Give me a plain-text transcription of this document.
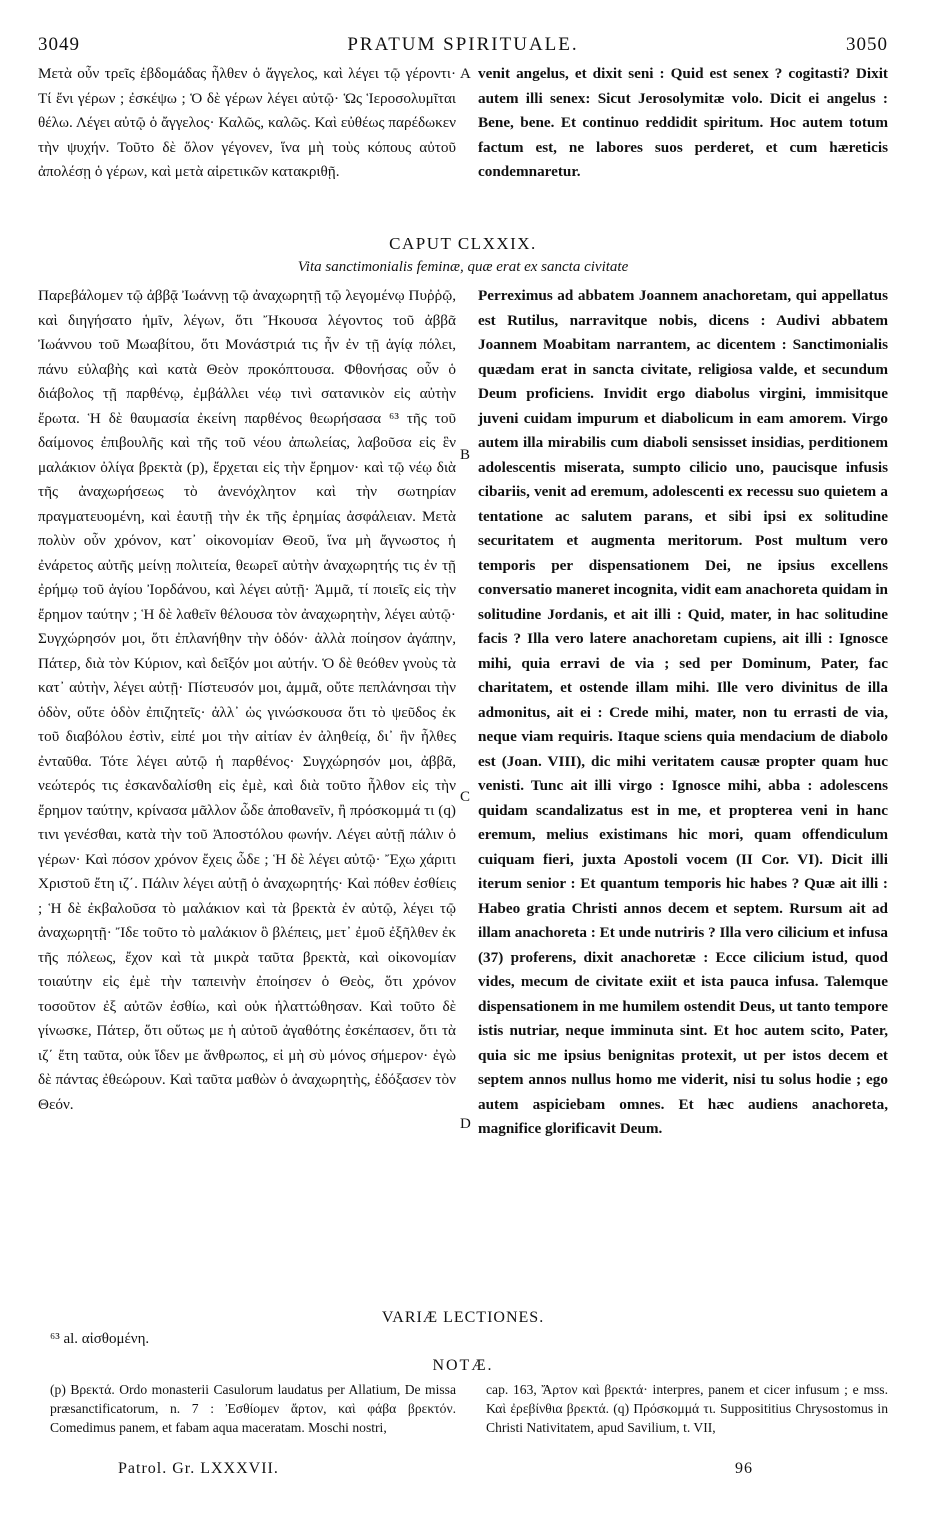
3049	PRATUM SPIRITUALE.	3050
Μετὰ οὖν τρεῖς ἑβδομάδας ἦλθεν ὁ ἄγγελος, καὶ λέγει τῷ γέροντι· Τί ἔνι γέρων ; ἐσκέψω ; Ὁ δὲ γέρων λέγει αὐτῷ· Ὡς Ἱεροσολυμῖται θέλω. Λέγει αὐτῷ ὁ ἄγγελος· Καλῶς, καλῶς. Καὶ εὐθέως παρέδωκεν τὴν ψυχήν. Τοῦτο δὲ ὅλον γέγονεν, ἵνα μὴ τοὺς κόπους αὐτοῦ ἀπολέσῃ ὁ γέρων, καὶ μετὰ αἱρετικῶν κατακριθῇ.
venit angelus, et dixit seni : Quid est senex ? cogitasti? Dixit autem illi senex: Sicut Jerosolymitæ volo. Dicit ei angelus : Bene, bene. Et continuo reddidit spiritum. Hoc autem totum factum est, ne labores suos perderet, et cum hæreticis condemnaretur.
A
CAPUT CLXXIX.
Vita sanctimonialis feminæ, quæ erat ex sancta civitate
Παρεβάλομεν τῷ ἀββᾷ Ἰωάννῃ τῷ ἀναχωρητῇ τῷ λεγομένῳ Πυῤῥῷ, καὶ διηγήσατο ἡμῖν, λέγων, ὅτι Ἤκουσα λέγοντος τοῦ ἀββᾶ Ἰωάννου τοῦ Μωαβίτου, ὅτι Μονάστριά τις ἦν ἐν τῇ ἁγίᾳ πόλει, πάνυ εὐλαβὴς καὶ κατὰ Θεὸν προκόπτουσα. Φθονήσας οὖν ὁ διάβολος τῇ παρθένῳ, ἐμβάλλει νέῳ τινὶ σατανικὸν εἰς αὐτὴν ἔρωτα. Ἡ δὲ θαυμασία ἐκείνη παρθένος θεωρήσασα ⁶³ τῆς τοῦ δαίμονος ἐπιβουλῆς καὶ τῆς τοῦ νέου ἀπωλείας, λαβοῦσα εἰς ἓν μαλάκιον ὀλίγα βρεκτὰ (p), ἔρχεται εἰς τὴν ἔρημον· καὶ τῷ νέῳ διὰ τῆς ἀναχωρήσεως τὸ ἀνενόχλητον καὶ τὴν σωτηρίαν πραγματευομένη, καὶ ἑαυτῇ τὴν ἐκ τῆς ἐρημίας ἀσφάλειαν. Μετὰ πολὺν οὖν χρόνον, κατ᾽ οἰκονομίαν Θεοῦ, ἵνα μὴ ἄγνωστος ἡ ἐνάρετος αὐτῆς μείνῃ πολιτεία, θεωρεῖ αὐτὴν ἀναχωρητής τις ἐν τῇ ἐρήμῳ τοῦ ἁγίου Ἰορδάνου, καὶ λέγει αὐτῇ· Ἀμμᾶ, τί ποιεῖς εἰς τὴν ἔρημον ταύτην ; Ἡ δὲ λαθεῖν θέλουσα τὸν ἀναχωρητὴν, λέγει αὐτῷ· Συγχώρησόν μοι, ὅτι ἐπλανήθην τὴν ὁδόν· ἀλλὰ ποίησον ἀγάπην, Πάτερ, διὰ τὸν Κύριον, καὶ δεῖξόν μοι αὐτήν. Ὁ δὲ θεόθεν γνοὺς τὰ κατ᾽ αὐτὴν, λέγει αὐτῇ· Πίστευσόν μοι, ἀμμᾶ, οὔτε πεπλάνησαι τὴν ὁδὸν, οὔτε ὁδὸν ἐπιζητεῖς· ἀλλ᾽ ὡς γινώσκουσα ὅτι τὸ ψεῦδος ἐκ τοῦ διαβόλου ἐστὶν, εἰπέ μοι τὴν αἰτίαν ἐν ἀληθείᾳ, δι᾽ ἣν ἦλθες ἐνταῦθα. Τότε λέγει αὐτῷ ἡ παρθένος· Συγχώρησόν μοι, ἀββᾶ, νεώτερός τις ἐσκανδαλίσθη εἰς ἐμὲ, καὶ διὰ τοῦτο ἦλθον εἰς τὴν ἔρημον ταύτην, κρίνασα μᾶλλον ὧδε ἀποθανεῖν, ἢ πρόσκομμά τι (q) τινι γενέσθαι, κατὰ τὴν τοῦ Ἀποστόλου φωνήν. Λέγει αὐτῇ πάλιν ὁ γέρων· Καὶ πόσον χρόνον ἔχεις ὧδε ; Ἡ δὲ λέγει αὐτῷ· Ἔχω χάριτι Χριστοῦ ἔτη ιζ΄. Πάλιν λέγει αὐτῇ ὁ ἀναχωρητής· Καὶ πόθεν ἐσθίεις ; Ἡ δὲ ἐκβαλοῦσα τὸ μαλάκιον καὶ τὰ βρεκτὰ ἐν αὐτῷ, λέγει τῷ ἀναχωρητῇ· Ἴδε τοῦτο τὸ μαλάκιον ὃ βλέπεις, μετ᾽ ἐμοῦ ἐξῆλθεν ἐκ τῆς πόλεως, ἔχον καὶ τὰ μικρὰ ταῦτα βρεκτὰ, καὶ οἰκονομίαν τοιαύτην εἰς ἐμὲ τὴν ταπεινὴν ἐποίησεν ὁ Θεὸς, ὅτι χρόνον τοσοῦτον ἐξ αὐτῶν ἐσθίω, καὶ οὐκ ἠλαττώθησαν. Καὶ τοῦτο δὲ γίνωσκε, Πάτερ, ὅτι οὕτως με ἡ αὐτοῦ ἀγαθότης ἐσκέπασεν, ὅτι τὰ ιζ΄ ἔτη ταῦτα, οὐκ ἴδεν με ἄνθρωπος, εἰ μὴ σὺ μόνος σήμερον· ἐγὼ δὲ πάντας ἐθεώρουν. Καὶ ταῦτα μαθὼν ὁ ἀναχωρητὴς, ἐδόξασεν τὸν Θεόν.
Perreximus ad abbatem Joannem anachoretam, qui appellatus est Rutilus, narravitque nobis, dicens : Audivi abbatem Joannem Moabitam narrantem, ac dicentem : Sanctimonialis quædam erat in sancta civitate, religiosa valde, et secundum Deum proficiens. Invidit ergo diabolus virgini, immisitque juveni cuidam impurum et diabolicum in eam amorem. Virgo autem illa mirabilis cum diaboli sensisset insidias, perditionem adolescentis miserata, sumpto cilicio uno, paucisque infusis cibariis, venit ad eremum, adolescenti ex recessu suo quietem a tentatione ac salutem parans, et sibi ipsi ex solitudine securitatem et augmenta meritorum. Post multum vero temporis per dispensationem Dei, ne ipsius excellens conversatio maneret incognita, vidit eam anachoreta quidam in solitudine Jordanis, et ait illi : Quid, mater, in hac solitudine facis ? Illa vero latere anachoretam cupiens, ait illi : Ignosce mihi, quia erravi de via ; sed per Dominum, Pater, fac charitatem, et ostende illam mihi. Ille vero divinitus de illa admonitus, ait ei : Crede mihi, mater, non tu errasti de via, neque viam requiris. Itaque sciens quia mendacium de diabolo est (Joan. VIII), dic mihi veritatem causæ propter quam huc venisti. Tunc ait illi virgo : Ignosce mihi, abba : adolescens quidam scandalizatus est in me, et propterea veni in hanc eremum, melius existimans hic mori, quam offendiculum cuiquam fieri, juxta Apostoli vocem (II Cor. VI). Dicit illi iterum senior : Et quantum temporis hic habes ? Quæ ait illi : Habeo gratia Christi annos decem et septem. Rursum ait ad illam anachoreta : Et unde nutriris ? Illa vero cilicium et infusa (37) proferens, dixit anachoretæ : Ecce cilicium istud, quod vides, mecum de civitate exiit et ista pauca infusa. Talemque dispensationem in me humilem ostendit Deus, ut tanto tempore istis nutriar, neque imminuta sint. Et hoc autem scito, Pater, quia sic me ipsius benignitas protexit, ut per istos decem et septem annos nullus homo me viderit, nisi tu solus hodie ; ego autem aspiciebam omnes. Et hæc audiens anachoreta, magnifice glorificavit Deum.
B
C
D
VARIÆ LECTIONES.
⁶³ al. αἰσθομένη.
NOTÆ.
(p) Βρεκτά. Ordo monasterii Casulorum laudatus per Allatium, De missa præsanctificatorum, n. 7 : Ἐσθίομεν ἄρτον, καὶ φάβα βρεκτόν. Comedimus panem, et fabam aqua maceratam. Moschi nostri,
cap. 163, Ἄρτον καὶ βρεκτά· interpres, panem et cicer infusum ; e mss. Καὶ ἐρεβίνθια βρεκτά. (q) Πρόσκομμά τι. Supposititius Chrysostomus in Christi Nativitatem, apud Savilium, t. VII,
Patrol. Gr. LXXXVII.	96
